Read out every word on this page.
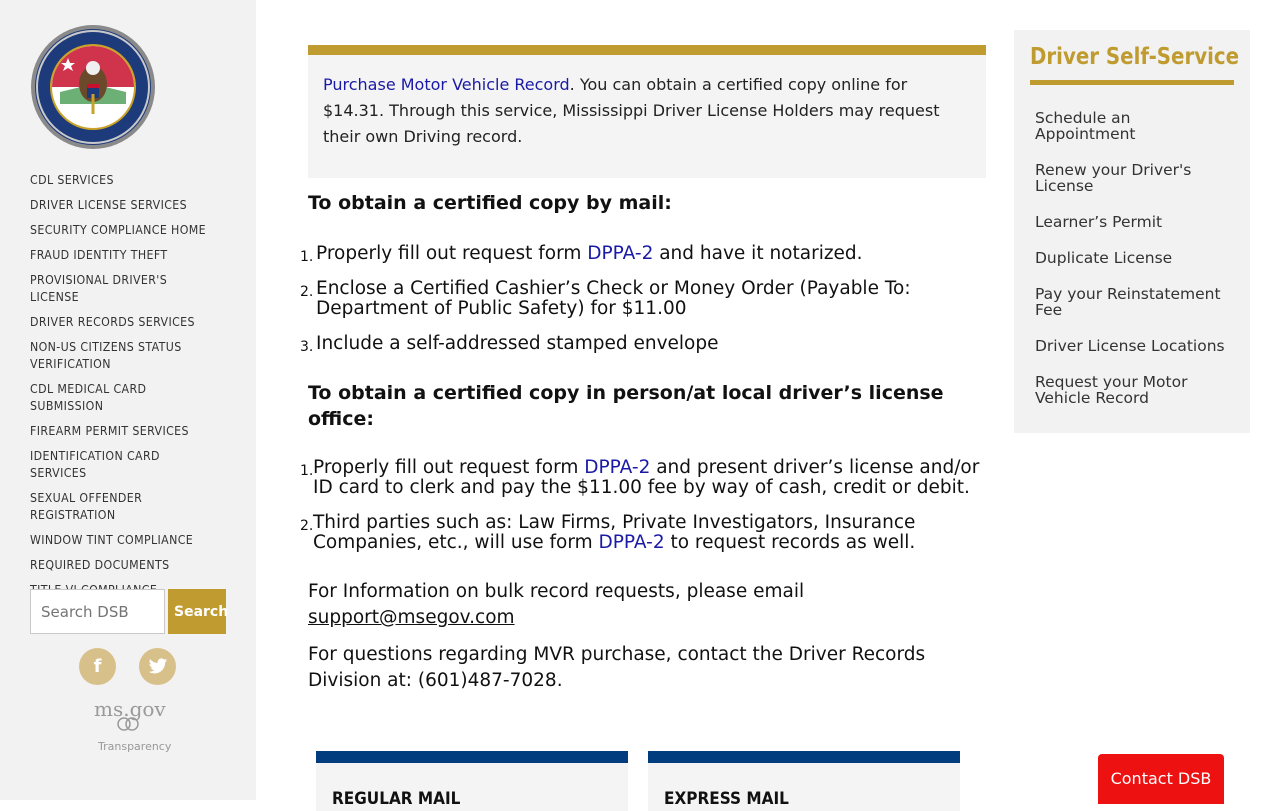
CDL SERVICES
DRIVER LICENSE SERVICES
SECURITY COMPLIANCE HOME
FRAUD IDENTITY THEFT
PROVISIONAL DRIVER'S LICENSE
DRIVER RECORDS SERVICES
NON-US CITIZENS STATUS VERIFICATION
CDL MEDICAL CARD SUBMISSION
FIREARM PERMIT SERVICES
IDENTIFICATION CARD SERVICES
SEXUAL OFFENDER REGISTRATION
WINDOW TINT COMPLIANCE
REQUIRED DOCUMENTS
Search DSB
Search
f
ms.gov
Transparency
Purchase Motor Vehicle Record. You can obtain a certified copy online for $14.31. Through this service, Mississippi Driver License Holders may request their own Driving record.
To obtain a certified copy by mail:
1. Properly fill out request form DPPA-2 and have it notarized.
2. Enclose a Certified Cashier’s Check or Money Order (Payable To: Department of Public Safety) for $11.00
3. Include a self-addressed stamped envelope
To obtain a certified copy in person/at local driver’s license office:
1. Properly fill out request form DPPA-2 and present driver’s license and/or ID card to clerk and pay the $11.00 fee by way of cash, credit or debit.
2. Third parties such as: Law Firms, Private Investigators, Insurance Companies, etc., will use form DPPA-2 to request records as well.

For Information on bulk record requests, please email support@msegov.com

For questions regarding MVR purchase, contact the Driver Records Division at: (601)487-7028.

REGULAR MAIL	EXPRESS MAIL
Driver Self-Service
Schedule an Appointment
Renew your Driver's License
Learner’s Permit
Duplicate License
Pay your Reinstatement Fee
Driver License Locations
Request your Motor Vehicle Record
Contact DSB
